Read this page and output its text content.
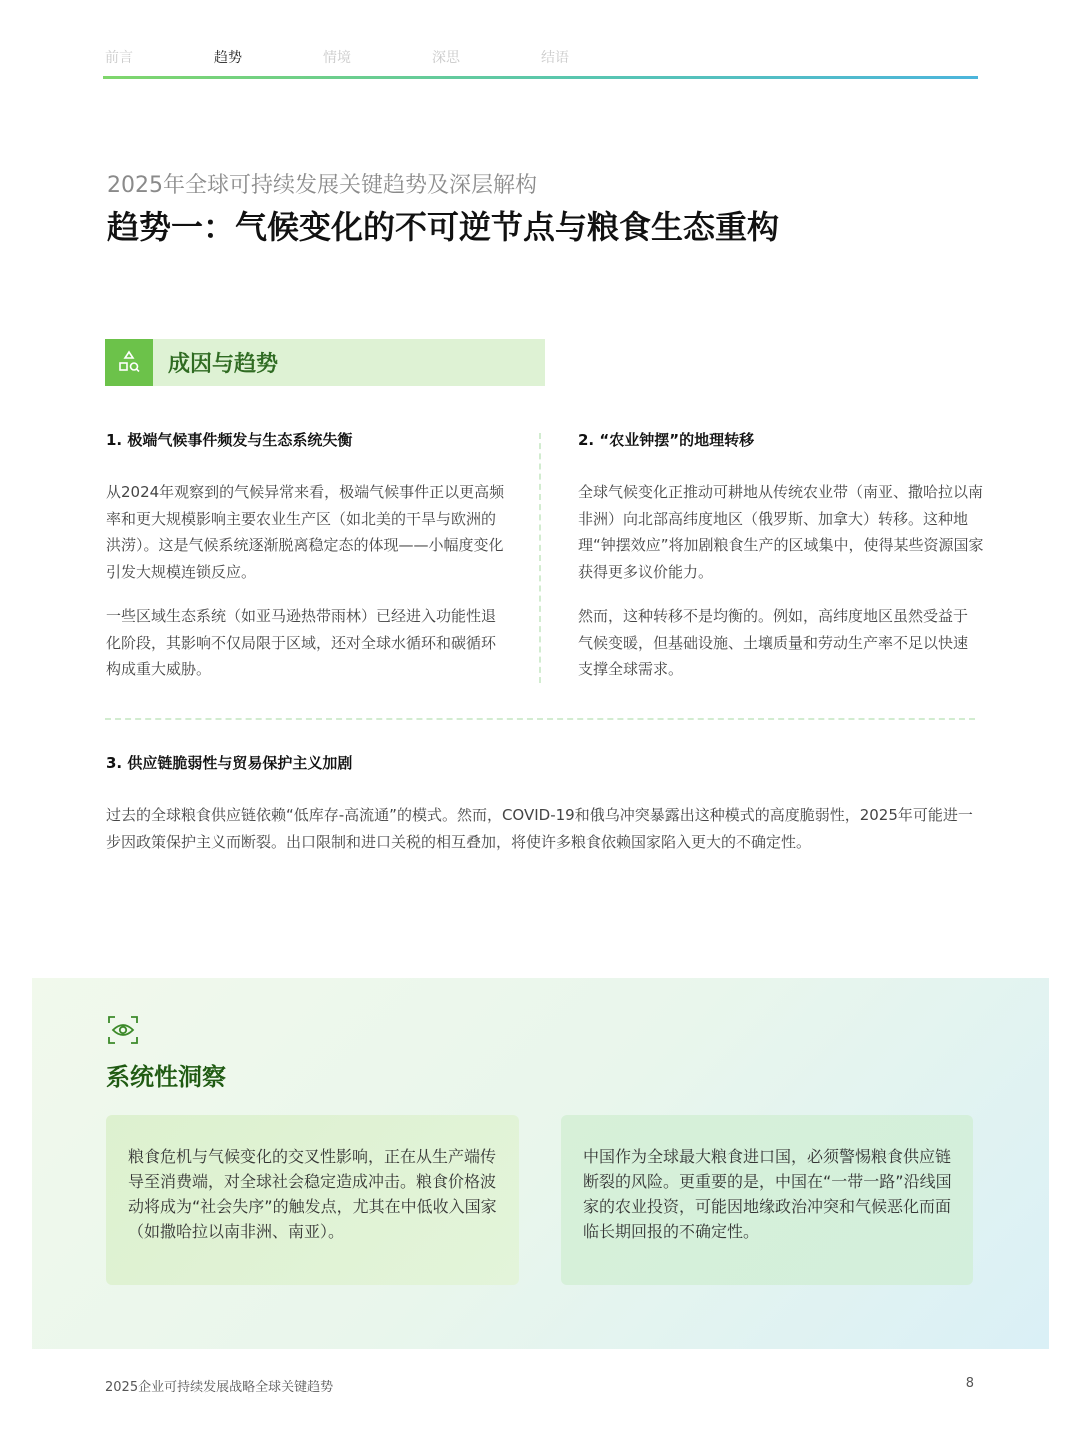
前言	趋势	情境	深思	结语
2025年全球可持续发展关键趋势及深层解构
趋势一：气候变化的不可逆节点与粮食生态重构
成因与趋势
1. 极端气候事件频发与生态系统失衡

从2024年观察到的气候异常来看，极端气候事件正以更高频率和更大规模影响主要农业生产区（如北美的干旱与欧洲的洪涝）。这是气候系统逐渐脱离稳定态的体现——小幅度变化引发大规模连锁反应。

一些区域生态系统（如亚马逊热带雨林）已经进入功能性退化阶段，其影响不仅局限于区域，还对全球水循环和碳循环构成重大威胁。

2. “农业钟摆”的地理转移

全球气候变化正推动可耕地从传统农业带（南亚、撒哈拉以南非洲）向北部高纬度地区（俄罗斯、加拿大）转移。这种地理“钟摆效应”将加剧粮食生产的区域集中，使得某些资源国家获得更多议价能力。

然而，这种转移不是均衡的。例如，高纬度地区虽然受益于气候变暖，但基础设施、土壤质量和劳动生产率不足以快速支撑全球需求。

3. 供应链脆弱性与贸易保护主义加剧

过去的全球粮食供应链依赖“低库存-高流通”的模式。然而，COVID-19和俄乌冲突暴露出这种模式的高度脆弱性，2025年可能进一步因政策保护主义而断裂。出口限制和进口关税的相互叠加，将使许多粮食依赖国家陷入更大的不确定性。

系统性洞察

粮食危机与气候变化的交叉性影响，正在从生产端传导至消费端，对全球社会稳定造成冲击。粮食价格波动将成为“社会失序”的触发点，尤其在中低收入国家（如撒哈拉以南非洲、南亚）。

中国作为全球最大粮食进口国，必须警惕粮食供应链断裂的风险。更重要的是，中国在“一带一路”沿线国家的农业投资，可能因地缘政治冲突和气候恶化而面临长期回报的不确定性。

2025企业可持续发展战略全球关键趋势	8
